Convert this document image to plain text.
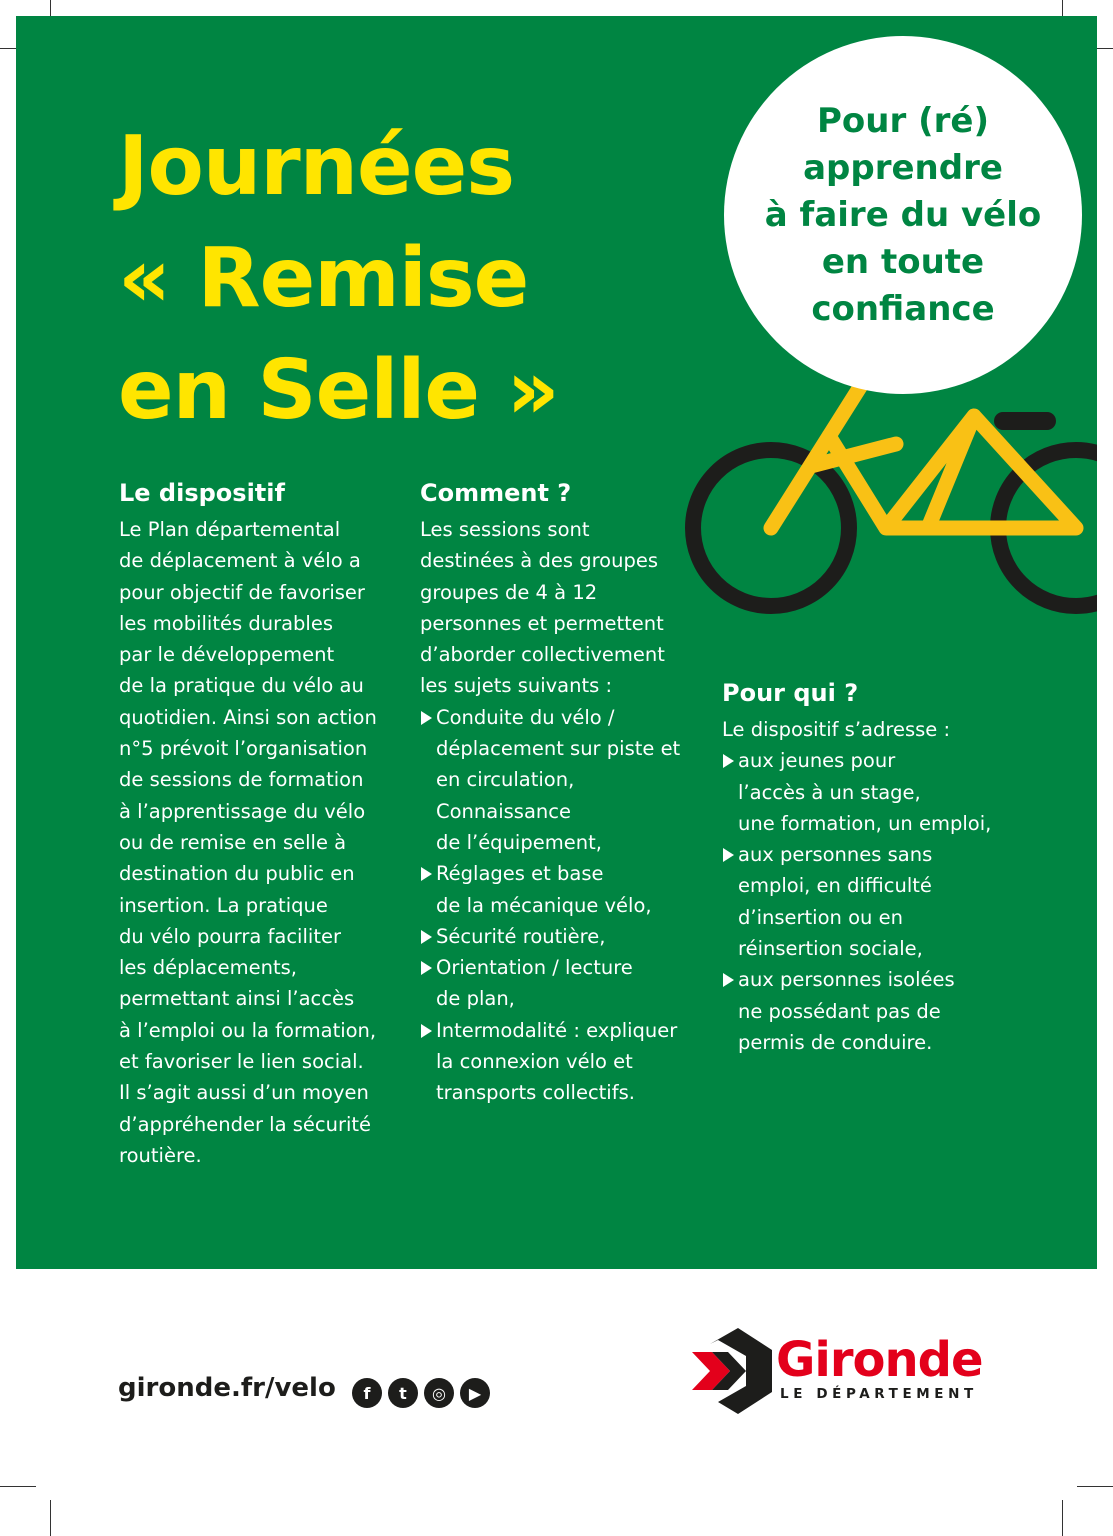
Journées
« Remise
en Selle »
Pour (ré)
apprendre
à faire du vélo
en toute
confiance
Le dispositif
Le Plan départemental
de déplacement à vélo a
pour objectif de favoriser
les mobilités durables
par le développement
de la pratique du vélo au
quotidien. Ainsi son action
n°5 prévoit l’organisation
de sessions de formation
à l’apprentissage du vélo
ou de remise en selle à
destination du public en
insertion. La pratique
du vélo pourra faciliter
les déplacements,
permettant ainsi l’accès
à l’emploi ou la formation,
et favoriser le lien social.
Il s’agit aussi d’un moyen
d’appréhender la sécurité
routière.
Comment ?
Les sessions sont
destinées à des groupes
groupes de 4 à 12
personnes et permettent
d’aborder collectivement
les sujets suivants :
Conduite du vélo /
déplacement sur piste et
en circulation,
Connaissance
de l’équipement,
Réglages et base
de la mécanique vélo,
Sécurité routière,
Orientation / lecture
de plan,
Intermodalité : expliquer
la connexion vélo et
transports collectifs.
Pour qui ?
Le dispositif s’adresse :
aux jeunes pour
l’accès à un stage,
une formation, un emploi,
aux personnes sans
emploi, en difficulté
d’insertion ou en
réinsertion sociale,
aux personnes isolées
ne possédant pas de
permis de conduire.
gironde.fr/velo	f	t	◎	▶
Gironde
LE DÉPARTEMENT
